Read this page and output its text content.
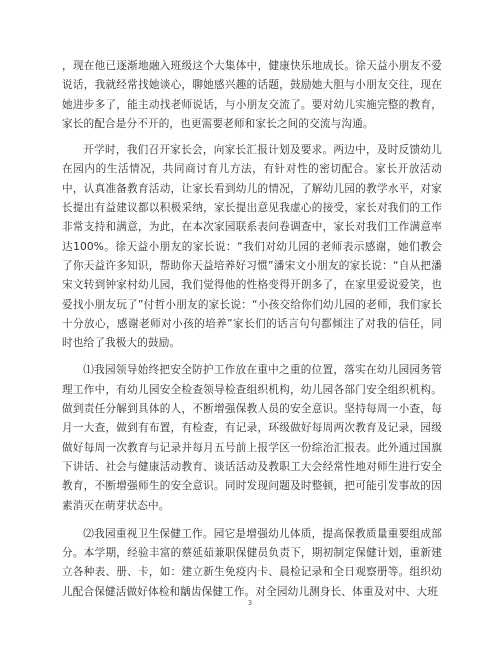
，现在他已逐渐地融入班级这个大集体中，健康快乐地成长。徐天益小朋友不爱说话，我就经常找她谈心，聊她感兴趣的话题，鼓励她大胆与小朋友交往，现在她进步多了，能主动找老师说话，与小朋友交流了。要对幼儿实施完整的教育，家长的配合是分不开的，也更需要老师和家长之间的交流与沟通。

开学时，我们召开家长会，向家长汇报计划及要求。两边中，及时反馈幼儿在园内的生活情况，共同商讨育儿方法，有针对性的密切配合。家长开放活动中，认真准备教育活动，让家长看到幼儿的情况，了解幼儿园的教学水平，对家长提出有益建议都以积极采纳，家长提出意见我虚心的接受，家长对我们的工作非常支持和满意，为此，在本次家园联系表问卷调查中，家长对我们工作满意率达100%。徐天益小朋友的家长说：“我们对幼儿园的老师表示感谢，她们教会了你天益许多知识，帮助你天益培养好习惯”潘宋文小朋友的家长说：“自从把潘宋文转到钟家村幼儿园，我们觉得他的性格变得开朗多了，在家里爱说爱笑，也爱找小朋友玩了”付哲小朋友的家长说：“小孩交给你们幼儿园的老师，我们家长十分放心，感谢老师对小孩的培养”家长们的话言句句都倾注了对我的信任，同时也给了我极大的鼓励。

⑴我园领导始终把安全防护工作放在重中之重的位置，落实在幼儿园园务管理工作中，有幼儿园安全检查领导检查组织机构，幼儿园各部门安全组织机构。做到责任分解到具体的人，不断增强保教人员的安全意识。坚持每周一小查，每月一大查，做到有布置，有检查，有记录，环级做好每周两次教育及记录，园级做好每周一次教育与记录并每月五号前上报学区一份综治汇报表。此外通过国旗下讲话、社会与健康活动教育、谈话活动及教职工大会经常性地对师生进行安全教育，不断增强师生的安全意识。同时发现问题及时整顿，把可能引发事故的因素消灭在萌芽状态中。

⑵我园重视卫生保健工作。园它是增强幼儿体质，提高保教质量重要组成部分。本学期，经验丰富的蔡延茹兼职保健员负责下，期初制定保健计划，重新建立各种表、册、卡，如：建立新生免疫内卡、晨检记录和全日观察册等。组织幼儿配合保健活做好体检和龋齿保健工作。对全园幼儿测身长、体重及对中、大班

3
